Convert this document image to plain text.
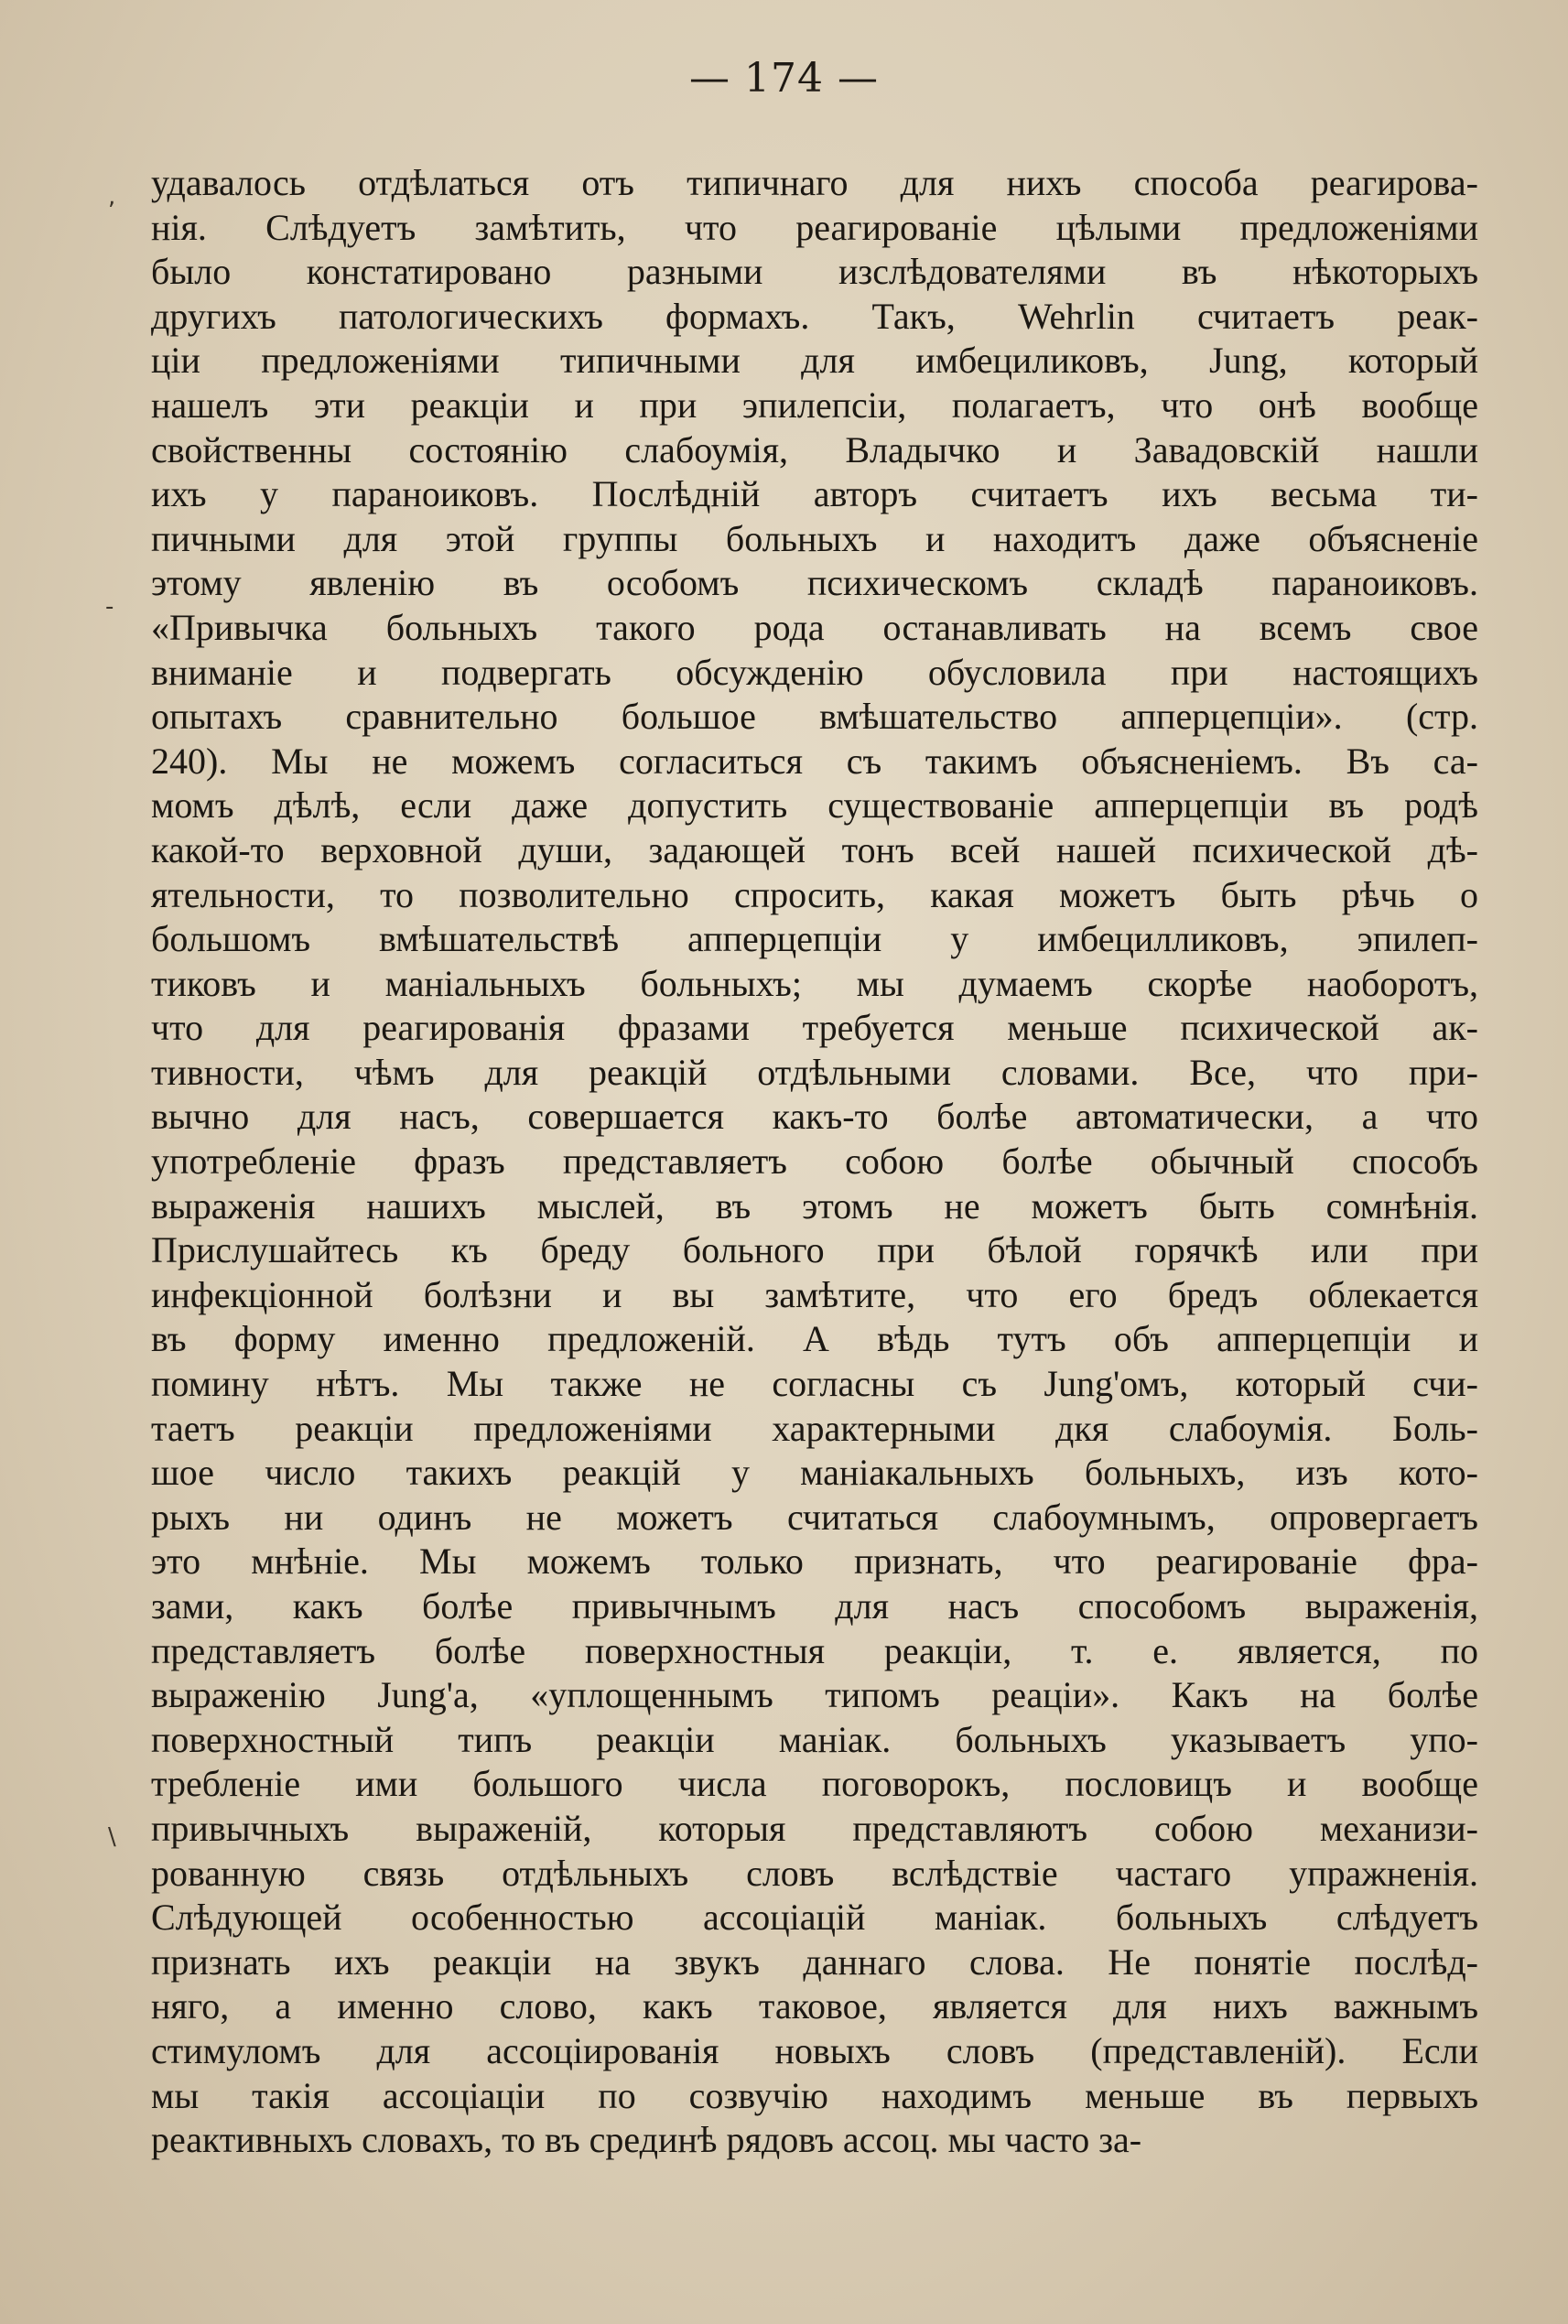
— 174 —
,
-
\
удавалось отдѣлаться отъ типичнаго для нихъ способа реагирова-
нія. Слѣдуетъ замѣтить, что реагированіе цѣлыми предложеніями
было констатировано разными изслѣдователями въ нѣкоторыхъ
другихъ патологическихъ формахъ. Такъ, Wehrlin считаетъ реак-
ціи предложеніями типичными для имбециликовъ, Jung, который
нашелъ эти реакціи и при эпилепсіи, полагаетъ, что онѣ вообще
свойственны состоянію слабоумія, Владычко и Завадовскій нашли
ихъ у параноиковъ. Послѣдній авторъ считаетъ ихъ весьма ти-
пичными для этой группы больныхъ и находитъ даже объясненіе
этому явленію въ особомъ психическомъ складѣ параноиковъ.
«Привычка больныхъ такого рода останавливать на всемъ свое
вниманіе и подвергать обсужденію обусловила при настоящихъ
опытахъ сравнительно большое вмѣшательство апперцепціи». (стр.
240). Мы не можемъ согласиться съ такимъ объясненіемъ. Въ са-
момъ дѣлѣ, если даже допустить существованіе апперцепціи въ родѣ
какой-то верховной души, задающей тонъ всей нашей психической дѣ-
ятельности, то позволительно спросить, какая можетъ быть рѣчь о
большомъ вмѣшательствѣ апперцепціи у имбецилликовъ, эпилеп-
тиковъ и маніальныхъ больныхъ; мы думаемъ скорѣе наоборотъ,
что для реагированія фразами требуется меньше психической ак-
тивности, чѣмъ для реакцій отдѣльными словами. Все, что при-
вычно для насъ, совершается какъ-то болѣе автоматически, а что
употребленіе фразъ представляетъ собою болѣе обычный способъ
выраженія нашихъ мыслей, въ этомъ не можетъ быть сомнѣнія.
Прислушайтесь къ бреду больного при бѣлой горячкѣ или при
инфекціонной болѣзни и вы замѣтите, что его бредъ облекается
въ форму именно предложеній. А вѣдь тутъ объ апперцепціи и
помину нѣтъ. Мы также не согласны съ Jung'омъ, который счи-
таетъ реакціи предложеніями характерными дкя слабоумія. Боль-
шое число такихъ реакцій у маніакальныхъ больныхъ, изъ кото-
рыхъ ни одинъ не можетъ считаться слабоумнымъ, опровергаетъ
это мнѣніе. Мы можемъ только признать, что реагированіе фра-
зами, какъ болѣе привычнымъ для насъ способомъ выраженія,
представляетъ болѣе поверхностныя реакціи, т. е. является, по
выраженію Jung'а, «уплощеннымъ типомъ реаціи». Какъ на болѣе
поверхностный типъ реакціи маніак. больныхъ указываетъ упо-
требленіе ими большого числа поговорокъ, пословицъ и вообще
привычныхъ выраженій, которыя представляютъ собою механизи-
рованную связь отдѣльныхъ словъ вслѣдствіе частаго упражненія.
Слѣдующей особенностью ассоціацій маніак. больныхъ слѣдуетъ
признать ихъ реакціи на звукъ даннаго слова. Не понятіе послѣд-
няго, а именно слово, какъ таковое, является для нихъ важнымъ
стимуломъ для ассоціированія новыхъ словъ (представленій). Если
мы такія ассоціаціи по созвучію находимъ меньше въ первыхъ
реактивныхъ словахъ, то въ срединѣ рядовъ ассоц. мы часто за-
